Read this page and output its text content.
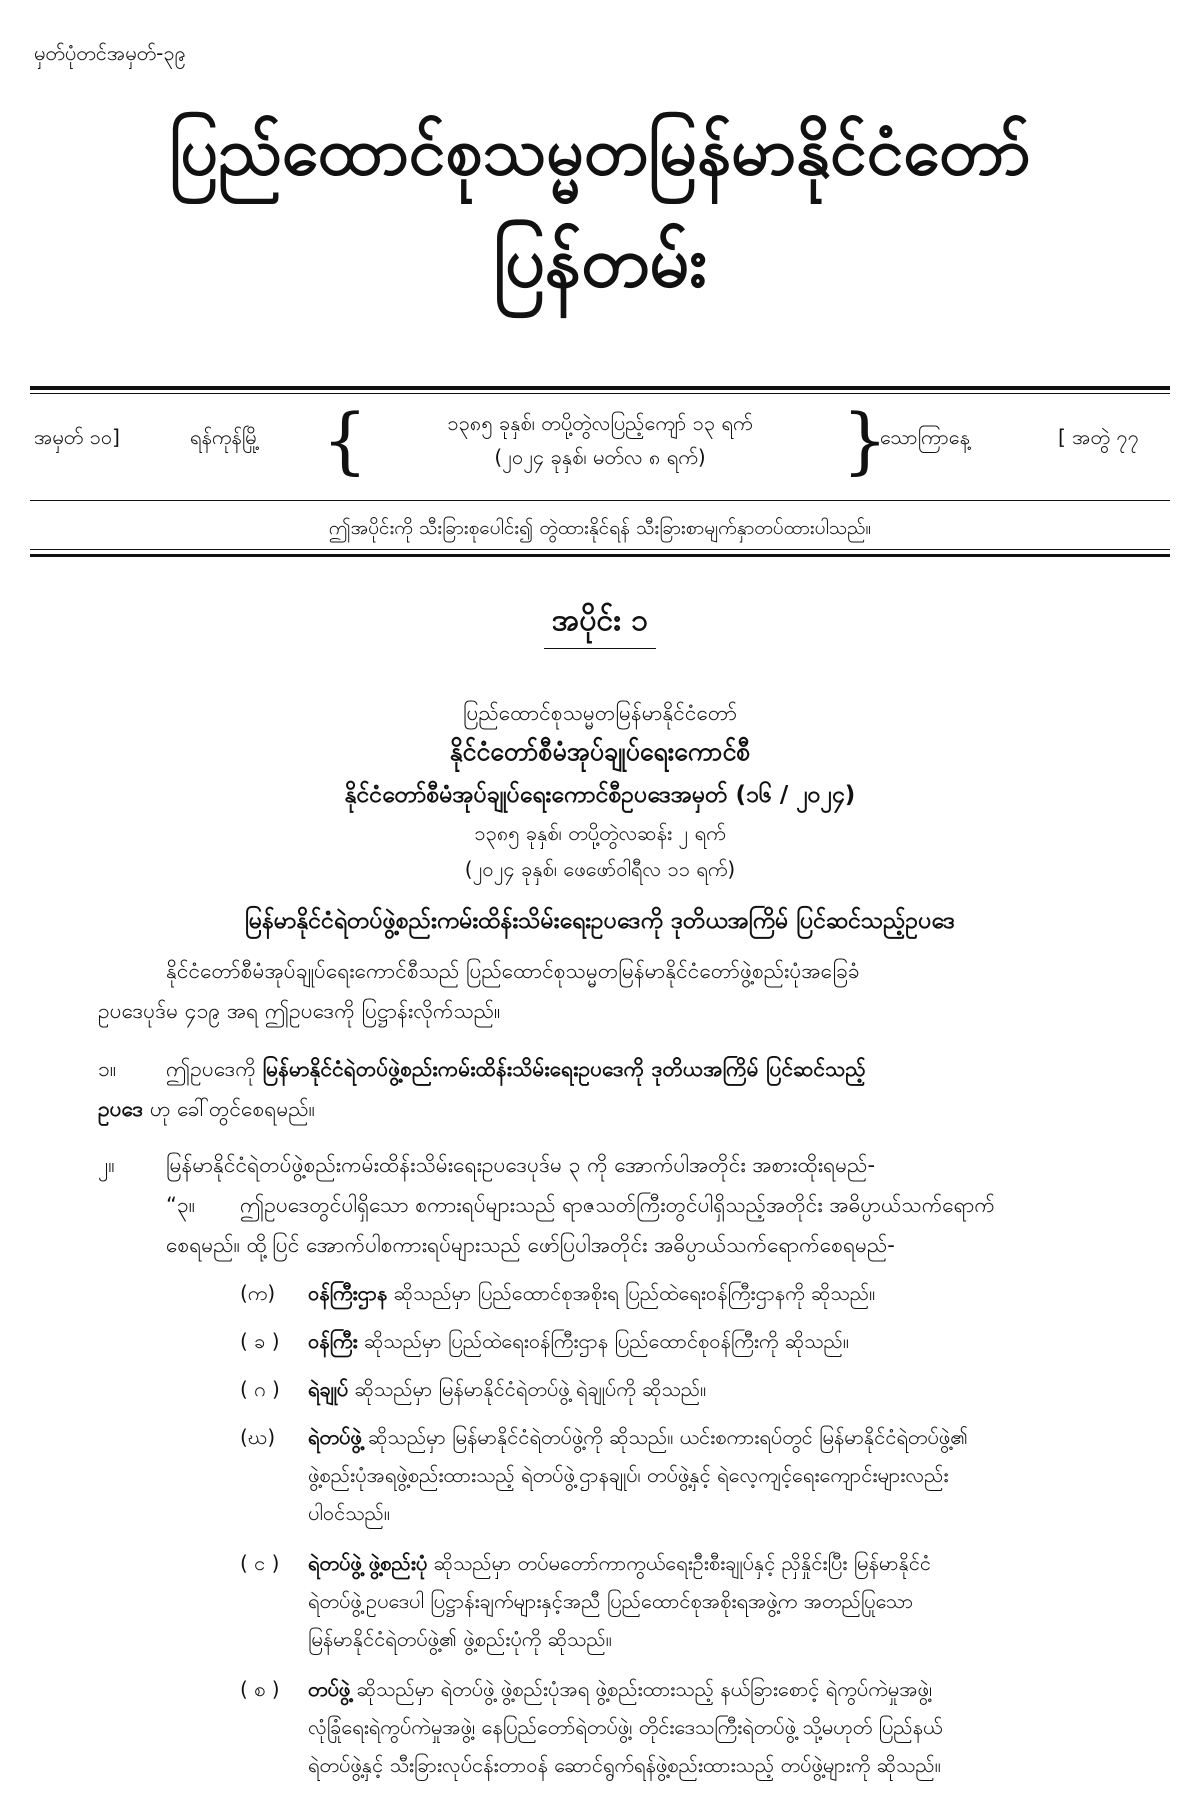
မှတ်ပုံတင်အမှတ်-၃၉
ပြည်ထောင်စုသမ္မတမြန်မာနိုင်ငံတော်
ပြန်တမ်း
အမှတ် ၁၀]	ရန်ကုန်မြို့ {	၁၃၈၅ ခုနှစ်၊ တပို့တွဲလပြည့်ကျော် ၁၃ ရက်
(၂၀၂၄ ခုနှစ်၊ မတ်လ ၈ ရက်)	}
သောကြာနေ့	[ အတွဲ ၇၇
ဤအပိုင်းကို သီးခြားစုပေါင်း၍ တွဲထားနိုင်ရန် သီးခြားစာမျက်နှာတပ်ထားပါသည်။
အပိုင်း ၁
ပြည်ထောင်စုသမ္မတမြန်မာနိုင်ငံတော်
နိုင်ငံတော်စီမံအုပ်ချုပ်ရေးကောင်စီ
နိုင်ငံတော်စီမံအုပ်ချုပ်ရေးကောင်စီဥပဒေအမှတ် (၁၆ / ၂၀၂၄)
၁၃၈၅ ခုနှစ်၊ တပို့တွဲလဆန်း ၂ ရက်
(၂၀၂၄ ခုနှစ်၊ ဖေဖော်ဝါရီလ ၁၁ ရက်)
မြန်မာနိုင်ငံရဲတပ်ဖွဲ့စည်းကမ်းထိန်းသိမ်းရေးဥပဒေကို ဒုတိယအကြိမ် ပြင်ဆင်သည့်ဥပဒေ
နိုင်ငံတော်စီမံအုပ်ချုပ်ရေးကောင်စီသည် ပြည်ထောင်စုသမ္မတမြန်မာနိုင်ငံတော်ဖွဲ့စည်းပုံအခြေခံ
ဥပဒေပုဒ်မ ၄၁၉ အရ ဤဥပဒေကို ပြဋ္ဌာန်းလိုက်သည်။
၁။ ဤဥပဒေကို မြန်မာနိုင်ငံရဲတပ်ဖွဲ့စည်းကမ်းထိန်းသိမ်းရေးဥပဒေကို ဒုတိယအကြိမ် ပြင်ဆင်သည့်
ဥပဒေ ဟု ခေါ်တွင်စေရမည်။
၂။ မြန်မာနိုင်ငံရဲတပ်ဖွဲ့စည်းကမ်းထိန်းသိမ်းရေးဥပဒေပုဒ်မ ၃ ကို အောက်ပါအတိုင်း အစားထိုးရမည်-
“၃။ ဤဥပဒေတွင်ပါရှိသော စကားရပ်များသည် ရာဇသတ်ကြီးတွင်ပါရှိသည့်အတိုင်း အဓိပ္ပာယ်သက်ရောက်
စေရမည်။ ထို့ပြင် အောက်ပါစကားရပ်များသည် ဖော်ပြပါအတိုင်း အဓိပ္ပာယ်သက်ရောက်စေရမည်-
(က) ဝန်ကြီးဌာန ဆိုသည်မှာ ပြည်ထောင်စုအစိုးရ ပြည်ထဲရေးဝန်ကြီးဌာနကို ဆိုသည်။
( ခ ) ဝန်ကြီး ဆိုသည်မှာ ပြည်ထဲရေးဝန်ကြီးဌာန ပြည်ထောင်စုဝန်ကြီးကို ဆိုသည်။
( ဂ ) ရဲချုပ် ဆိုသည်မှာ မြန်မာနိုင်ငံရဲတပ်ဖွဲ့ ရဲချုပ်ကို ဆိုသည်။
(ဃ) ရဲတပ်ဖွဲ့ ဆိုသည်မှာ မြန်မာနိုင်ငံရဲတပ်ဖွဲ့ကို ဆိုသည်။ ယင်းစကားရပ်တွင် မြန်မာနိုင်ငံရဲတပ်ဖွဲ့၏
ဖွဲ့စည်းပုံအရဖွဲ့စည်းထားသည့် ရဲတပ်ဖွဲ့ဌာနချုပ်၊ တပ်ဖွဲ့နှင့် ရဲလေ့ကျင့်ရေးကျောင်းများလည်း
ပါဝင်သည်။
( င ) ရဲတပ်ဖွဲ့ ဖွဲ့စည်းပုံ ဆိုသည်မှာ တပ်မတော်ကာကွယ်ရေးဦးစီးချုပ်နှင့် ညှိနှိုင်းပြီး မြန်မာနိုင်ငံ
ရဲတပ်ဖွဲ့ဥပဒေပါ ပြဋ္ဌာန်းချက်များနှင့်အညီ ပြည်ထောင်စုအစိုးရအဖွဲ့က အတည်ပြုသော
မြန်မာနိုင်ငံရဲတပ်ဖွဲ့၏ ဖွဲ့စည်းပုံကို ဆိုသည်။
( စ ) တပ်ဖွဲ့ ဆိုသည်မှာ ရဲတပ်ဖွဲ့ ဖွဲ့စည်းပုံအရ ဖွဲ့စည်းထားသည့် နယ်ခြားစောင့် ရဲကွပ်ကဲမှုအဖွဲ့၊
လုံခြုံရေးရဲကွပ်ကဲမှုအဖွဲ့၊ နေပြည်တော်ရဲတပ်ဖွဲ့၊ တိုင်းဒေသကြီးရဲတပ်ဖွဲ့ သို့မဟုတ် ပြည်နယ်
ရဲတပ်ဖွဲ့နှင့် သီးခြားလုပ်ငန်းတာဝန် ဆောင်ရွက်ရန်ဖွဲ့စည်းထားသည့် တပ်ဖွဲ့များကို ဆိုသည်။
